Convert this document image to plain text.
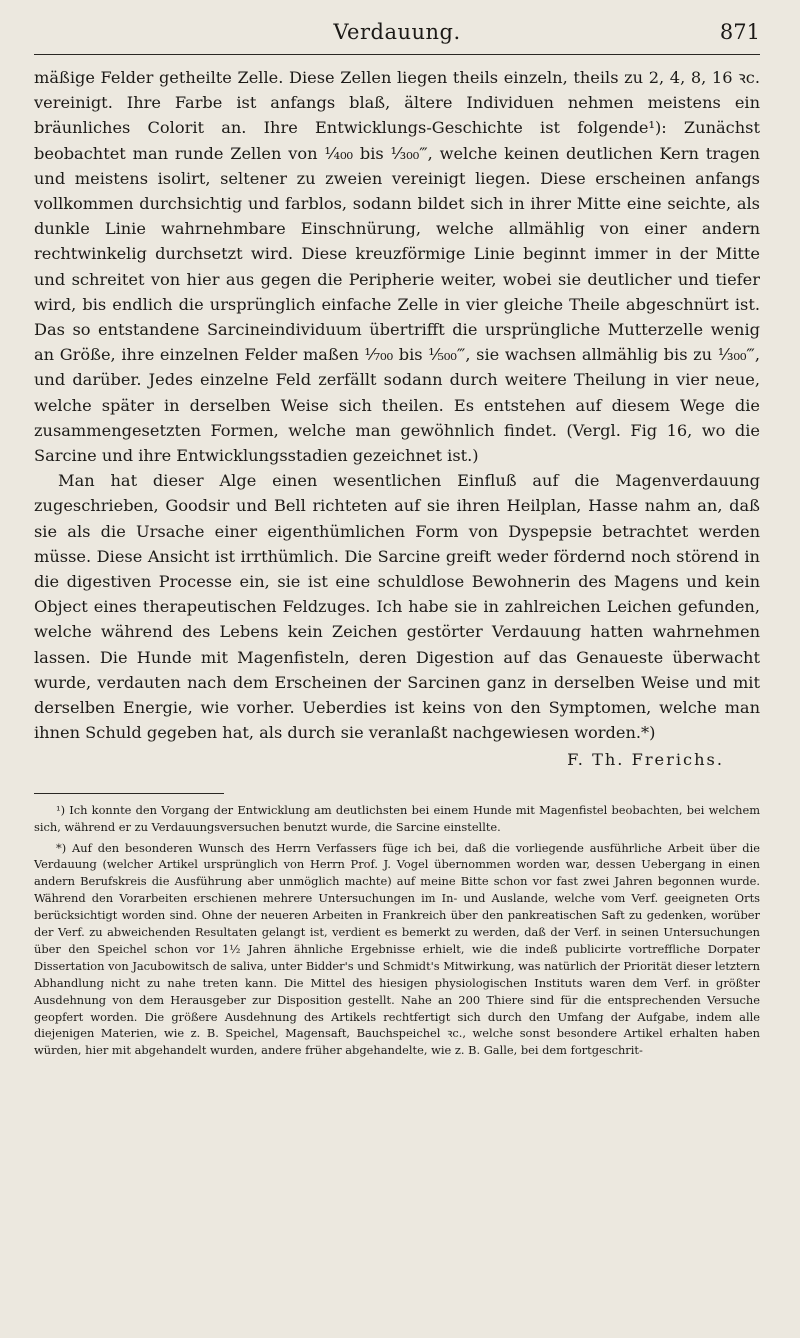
Verdauung.	871

mäßige Felder getheilte Zelle. Diese Zellen liegen theils einzeln, theils zu 2, 4, 8, 16 ꝛc. vereinigt. Ihre Farbe ist anfangs blaß, ältere Individuen nehmen meistens ein bräunliches Colorit an. Ihre Entwicklungs-Geschichte ist folgende¹): Zunächst beobachtet man runde Zellen von ¹⁄₄₀₀ bis ¹⁄₃₀₀‴, welche keinen deutlichen Kern tragen und meistens isolirt, seltener zu zweien vereinigt liegen. Diese erscheinen anfangs vollkommen durchsichtig und farblos, sodann bildet sich in ihrer Mitte eine seichte, als dunkle Linie wahrnehmbare Einschnürung, welche allmählig von einer andern rechtwinkelig durchsetzt wird. Diese kreuzförmige Linie beginnt immer in der Mitte und schreitet von hier aus gegen die Peripherie weiter, wobei sie deutlicher und tiefer wird, bis endlich die ursprünglich einfache Zelle in vier gleiche Theile abgeschnürt ist. Das so entstandene Sarcineindividuum übertrifft die ursprüngliche Mutterzelle wenig an Größe, ihre einzelnen Felder maßen ¹⁄₇₀₀ bis ¹⁄₅₀₀‴, sie wachsen allmählig bis zu ¹⁄₃₀₀‴, und darüber. Jedes einzelne Feld zerfällt sodann durch weitere Theilung in vier neue, welche später in derselben Weise sich theilen. Es entstehen auf diesem Wege die zusammengesetzten Formen, welche man gewöhnlich findet. (Vergl. Fig 16, wo die Sarcine und ihre Entwicklungsstadien gezeichnet ist.)

Man hat dieser Alge einen wesentlichen Einfluß auf die Magenverdauung zugeschrieben, Goodsir und Bell richteten auf sie ihren Heilplan, Hasse nahm an, daß sie als die Ursache einer eigenthümlichen Form von Dyspepsie betrachtet werden müsse. Diese Ansicht ist irrthümlich. Die Sarcine greift weder fördernd noch störend in die digestiven Processe ein, sie ist eine schuldlose Bewohnerin des Magens und kein Object eines therapeutischen Feldzuges. Ich habe sie in zahlreichen Leichen gefunden, welche während des Lebens kein Zeichen gestörter Verdauung hatten wahrnehmen lassen. Die Hunde mit Magenfisteln, deren Digestion auf das Genaueste überwacht wurde, verdauten nach dem Erscheinen der Sarcinen ganz in derselben Weise und mit derselben Energie, wie vorher. Ueberdies ist keins von den Symptomen, welche man ihnen Schuld gegeben hat, als durch sie veranlaßt nachgewiesen worden.*)

F. Th. Frerichs.

¹) Ich konnte den Vorgang der Entwicklung am deutlichsten bei einem Hunde mit Magenfistel beobachten, bei welchem sich, während er zu Verdauungsversuchen benutzt wurde, die Sarcine einstellte.

*) Auf den besonderen Wunsch des Herrn Verfassers füge ich bei, daß die vorliegende ausführliche Arbeit über die Verdauung (welcher Artikel ursprünglich von Herrn Prof. J. Vogel übernommen worden war, dessen Uebergang in einen andern Berufskreis die Ausführung aber unmöglich machte) auf meine Bitte schon vor fast zwei Jahren begonnen wurde. Während den Vorarbeiten erschienen mehrere Untersuchungen im In- und Auslande, welche vom Verf. geeigneten Orts berücksichtigt worden sind. Ohne der neueren Arbeiten in Frankreich über den pankreatischen Saft zu gedenken, worüber der Verf. zu abweichenden Resultaten gelangt ist, verdient es bemerkt zu werden, daß der Verf. in seinen Untersuchungen über den Speichel schon vor 1½ Jahren ähnliche Ergebnisse erhielt, wie die indeß publicirte vortreffliche Dorpater Dissertation von Jacubowitsch de saliva, unter Bidder's und Schmidt's Mitwirkung, was natürlich der Priorität dieser letztern Abhandlung nicht zu nahe treten kann. Die Mittel des hiesigen physiologischen Instituts waren dem Verf. in größter Ausdehnung von dem Herausgeber zur Disposition gestellt. Nahe an 200 Thiere sind für die entsprechenden Versuche geopfert worden. Die größere Ausdehnung des Artikels rechtfertigt sich durch den Umfang der Aufgabe, indem alle diejenigen Materien, wie z. B. Speichel, Magensaft, Bauchspeichel ꝛc., welche sonst besondere Artikel erhalten haben würden, hier mit abgehandelt wurden, andere früher abgehandelte, wie z. B. Galle, bei dem fortgeschrit-
